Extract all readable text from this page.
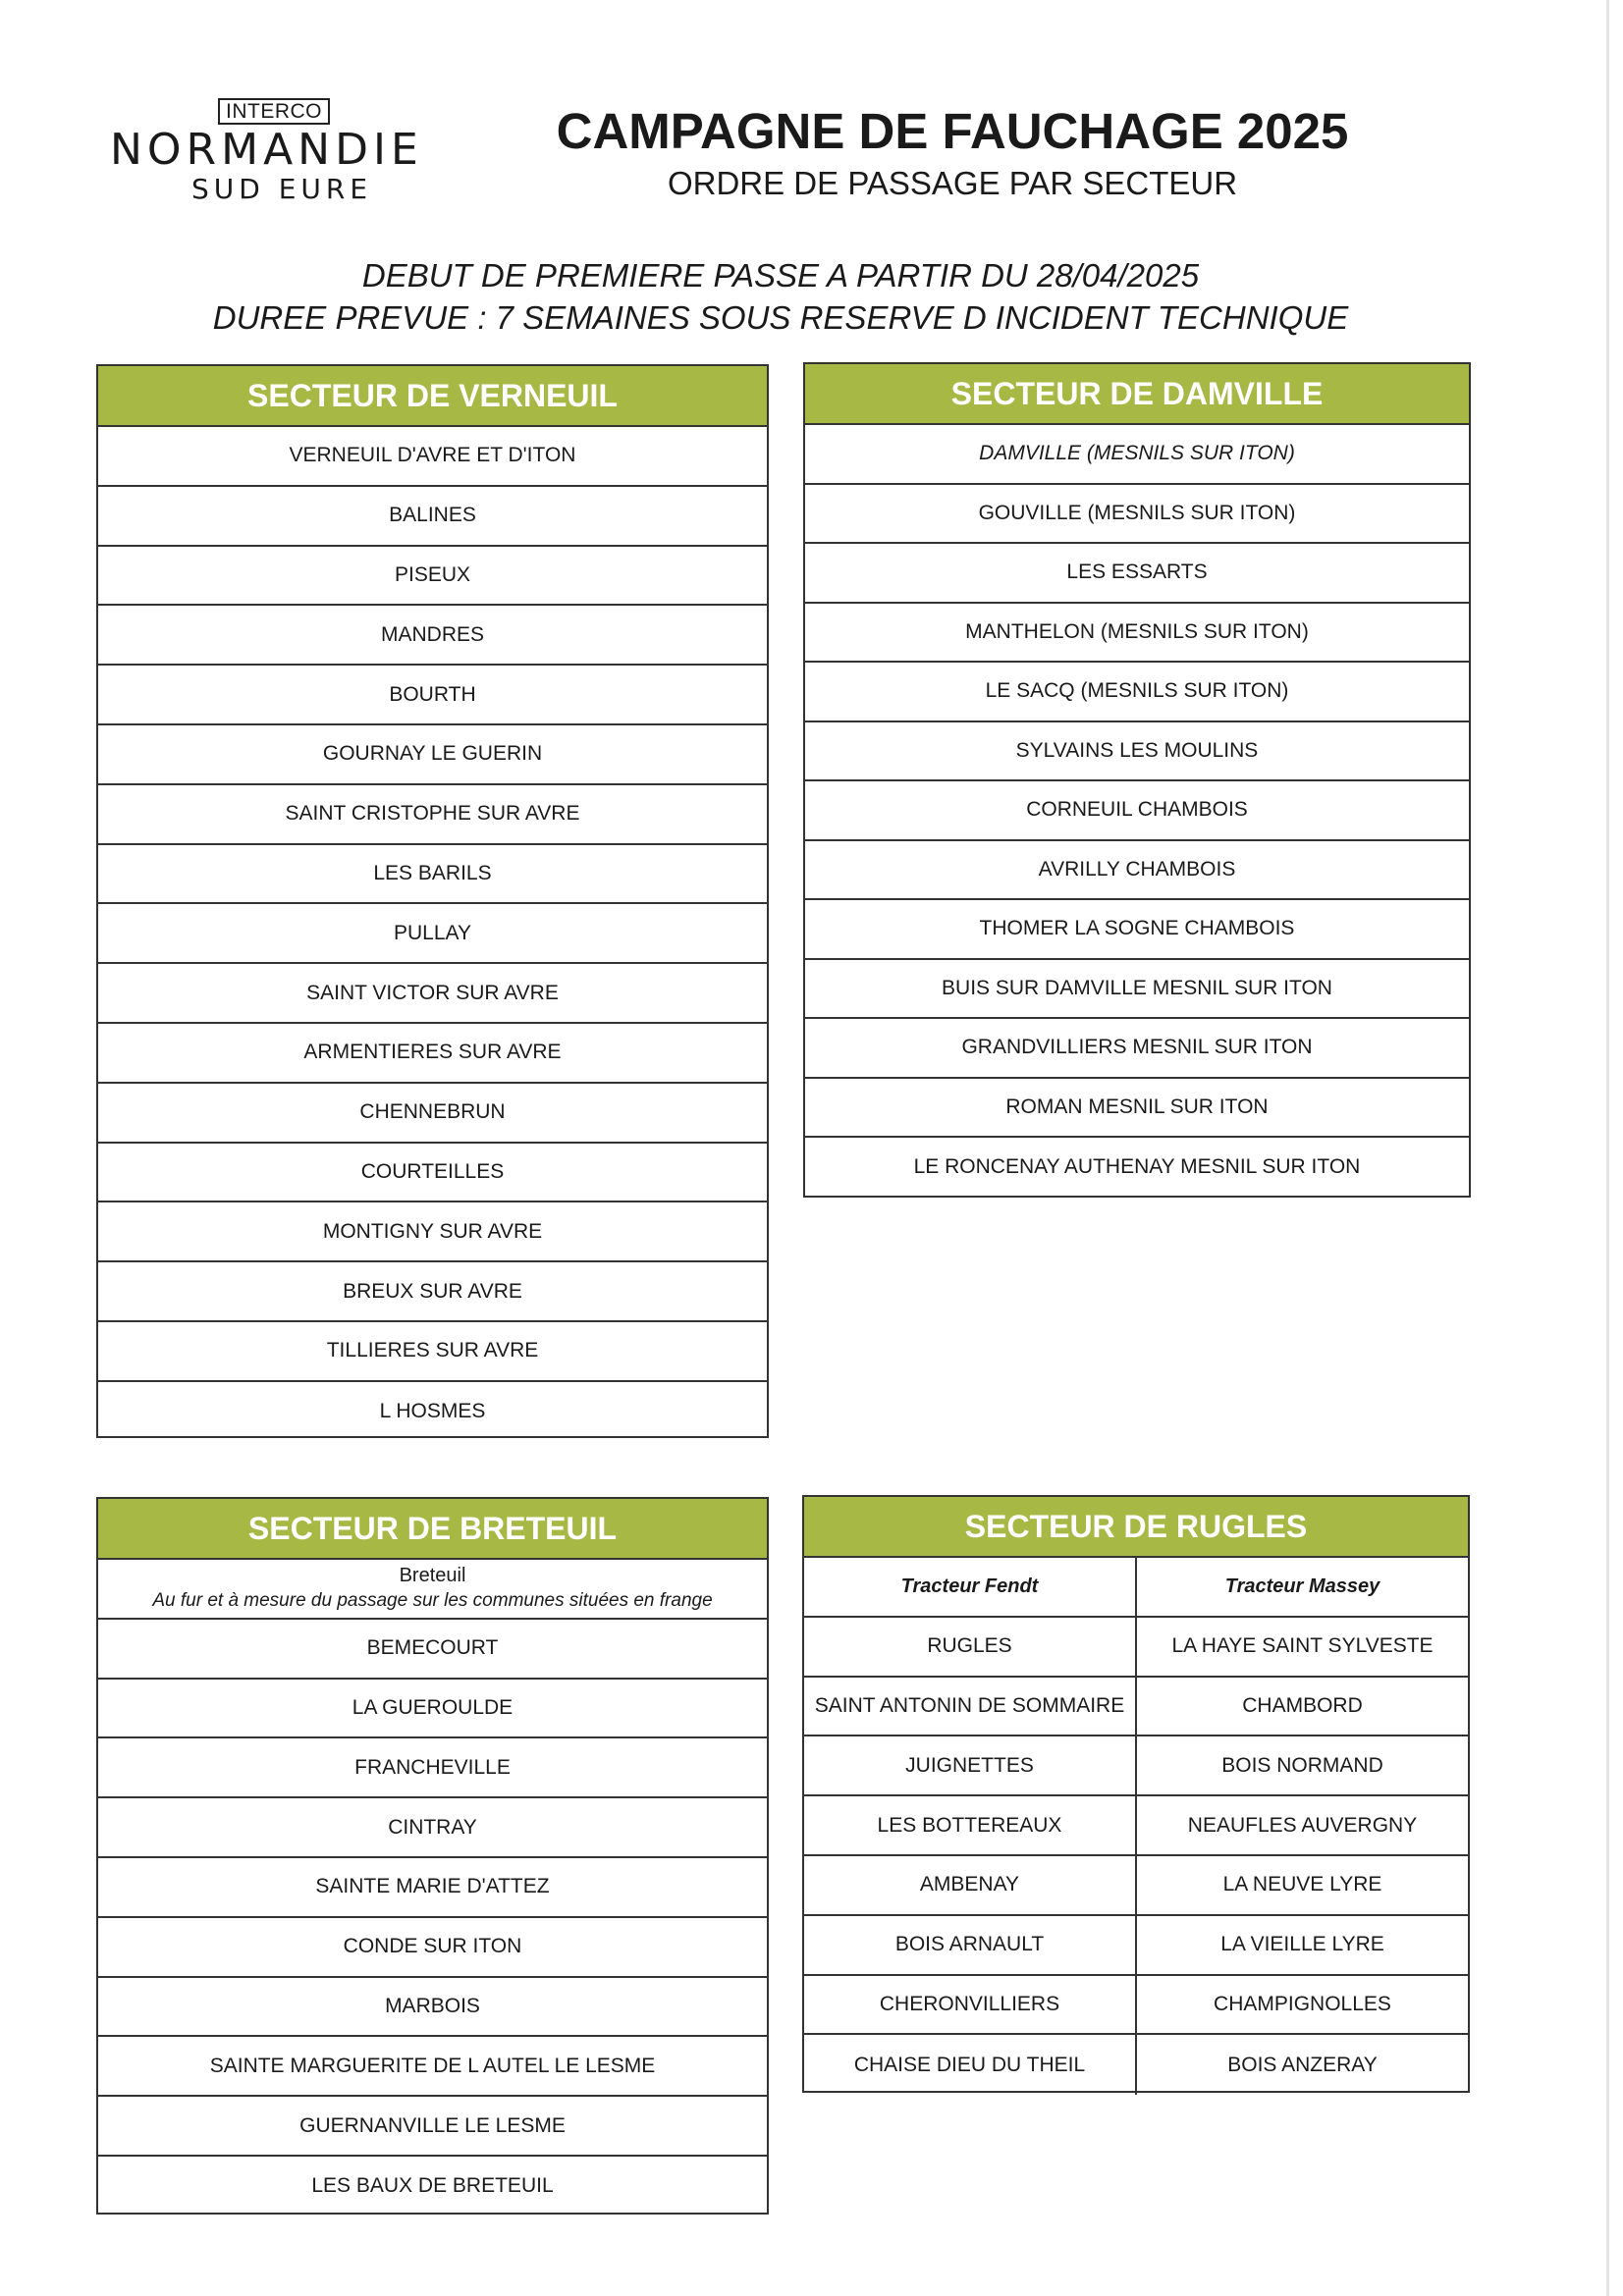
INTERCO
NORMANDIE
SUD EURE
CAMPAGNE DE FAUCHAGE 2025
ORDRE DE PASSAGE PAR SECTEUR
DEBUT DE PREMIERE PASSE A PARTIR DU 28/04/2025
DUREE PREVUE : 7 SEMAINES SOUS RESERVE D INCIDENT TECHNIQUE
SECTEUR DE VERNEUIL
VERNEUIL D'AVRE ET D'ITON
BALINES
PISEUX
MANDRES
BOURTH
GOURNAY LE GUERIN
SAINT CRISTOPHE SUR AVRE
LES BARILS
PULLAY
SAINT VICTOR SUR AVRE
ARMENTIERES SUR AVRE
CHENNEBRUN
COURTEILLES
MONTIGNY SUR AVRE
BREUX SUR AVRE
TILLIERES SUR AVRE
L HOSMES
SECTEUR DE DAMVILLE
DAMVILLE (MESNILS SUR ITON)
GOUVILLE (MESNILS SUR ITON)
LES ESSARTS
MANTHELON (MESNILS SUR ITON)
LE SACQ (MESNILS SUR ITON)
SYLVAINS LES MOULINS
CORNEUIL CHAMBOIS
AVRILLY CHAMBOIS
THOMER LA SOGNE CHAMBOIS
BUIS SUR DAMVILLE MESNIL SUR ITON
GRANDVILLIERS MESNIL SUR ITON
ROMAN MESNIL SUR ITON
LE RONCENAY AUTHENAY MESNIL SUR ITON
SECTEUR DE BRETEUIL
Breteuil
Au fur et à mesure du passage sur les communes situées en frange
BEMECOURT
LA GUEROULDE
FRANCHEVILLE
CINTRAY
SAINTE MARIE D'ATTEZ
CONDE SUR ITON
MARBOIS
SAINTE MARGUERITE DE L AUTEL LE LESME
GUERNANVILLE LE LESME
LES BAUX DE BRETEUIL
SECTEUR DE RUGLES
Tracteur Fendt	Tracteur Massey
RUGLES	LA HAYE SAINT SYLVESTE
SAINT ANTONIN DE SOMMAIRE	CHAMBORD
JUIGNETTES	BOIS NORMAND
LES BOTTEREAUX	NEAUFLES AUVERGNY
AMBENAY	LA NEUVE LYRE
BOIS ARNAULT	LA VIEILLE LYRE
CHERONVILLIERS	CHAMPIGNOLLES
CHAISE DIEU DU THEIL	BOIS ANZERAY
